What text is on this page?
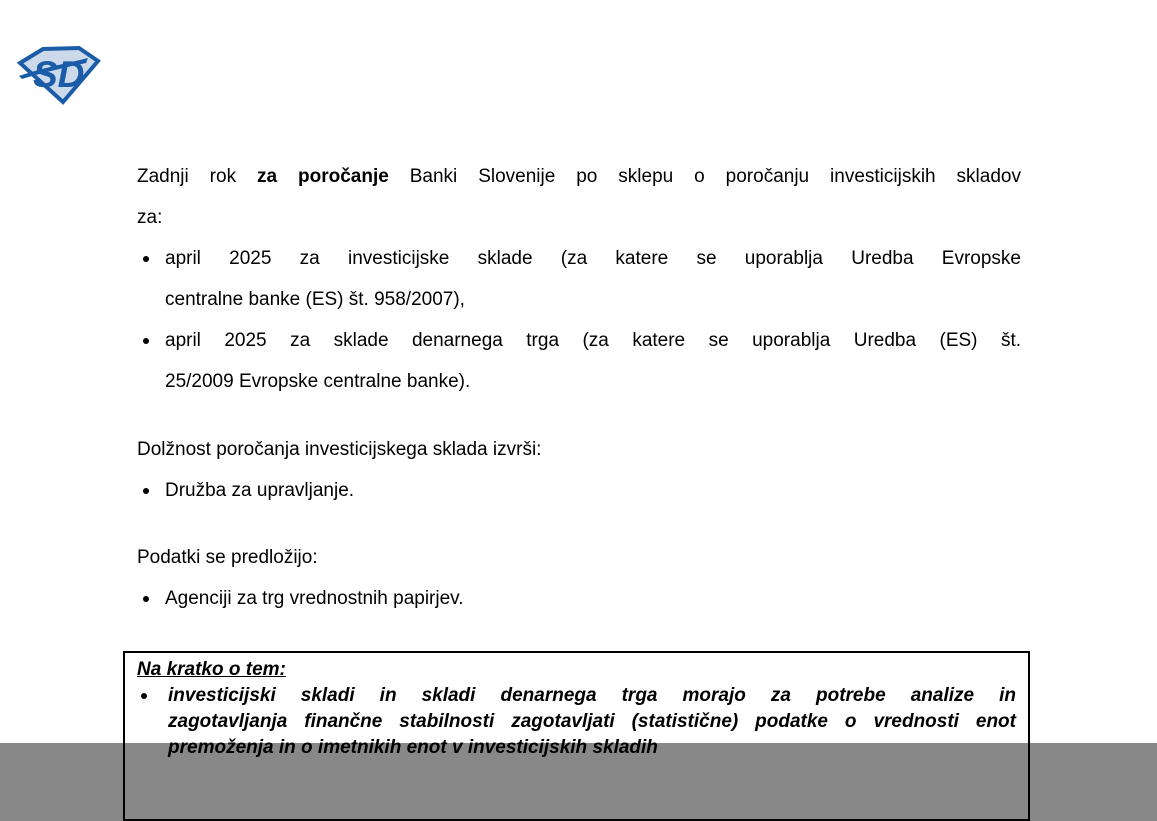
SD
Zadnji rok za poročanje Banki Slovenije po sklepu o poročanju investicijskih skladov
za:
april 2025 za investicijske sklade (za katere se uporablja Uredba Evropske
centralne banke (ES) št. 958/2007),
april 2025 za sklade denarnega trga (za katere se uporablja Uredba (ES) št.
25/2009 Evropske centralne banke).
Dolžnost poročanja investicijskega sklada izvrši:
Družba za upravljanje.
Podatki se predložijo:
Agenciji za trg vrednostnih papirjev.
Na kratko o tem:
investicijski skladi in skladi denarnega trga morajo za potrebe analize in
zagotavljanja finančne stabilnosti zagotavljati (statistične) podatke o vrednosti enot
premoženja in o imetnikih enot v investicijskih skladih
